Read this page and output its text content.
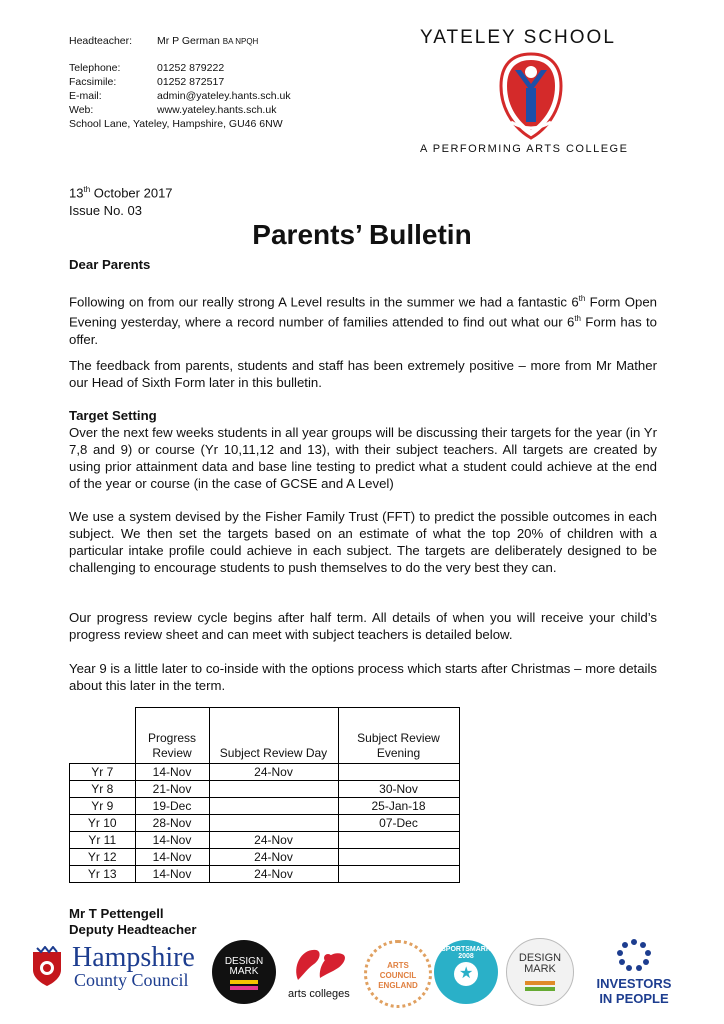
Headteacher: Mr P German BA NPQH
Telephone:	01252 879222
Facsimile:	01252 872517
E-mail:	admin@yateley.hants.sch.uk
Web:	www.yateley.hants.sch.uk
School Lane, Yateley, Hampshire, GU46 6NW
YATELEY SCHOOL
A PERFORMING ARTS COLLEGE
13th October 2017
Issue No. 03
Parents’ Bulletin
Dear Parents
Following on from our really strong A Level results in the summer we had a fantastic 6th Form Open Evening yesterday, where a record number of families attended to find out what our 6th Form has to offer.
The feedback from parents, students and staff has been extremely positive – more from Mr Mather our Head of Sixth Form later in this bulletin.
Target Setting
Over the next few weeks students in all year groups will be discussing their targets for the year (in Yr 7,8 and 9) or course (Yr 10,11,12 and 13), with their subject teachers. All targets are created by using prior attainment data and base line testing to predict what a student could achieve at the end of the year or course (in the case of GCSE and A Level)
We use a system devised by the Fisher Family Trust (FFT) to predict the possible outcomes in each subject. We then set the targets based on an estimate of what the top 20% of children with a particular intake profile could achieve in each subject. The targets are deliberately designed to be challenging to encourage students to push themselves to do the very best they can.
Our progress review cycle begins after half term. All details of when you will receive your child’s progress review sheet and can meet with subject teachers is detailed below.
Year 9 is a little later to co-inside with the options process which starts after Christmas – more details about this later in the term.
	Progress Review	Subject Review Day	Subject Review Evening
Yr 7	14-Nov	24-Nov	
Yr 8	21-Nov		30-Nov
Yr 9	19-Dec		25-Jan-18
Yr 10	28-Nov		07-Dec
Yr 11	14-Nov	24-Nov	
Yr 12	14-Nov	24-Nov	
Yr 13	14-Nov	24-Nov	
Mr T Pettengell
Deputy Headteacher
Hampshire
County Council
DESIGN MARK
arts colleges
ARTS COUNCIL ENGLAND
SPORTSMARK 2008
★
DESIGN MARK
INVESTORS
IN PEOPLE
